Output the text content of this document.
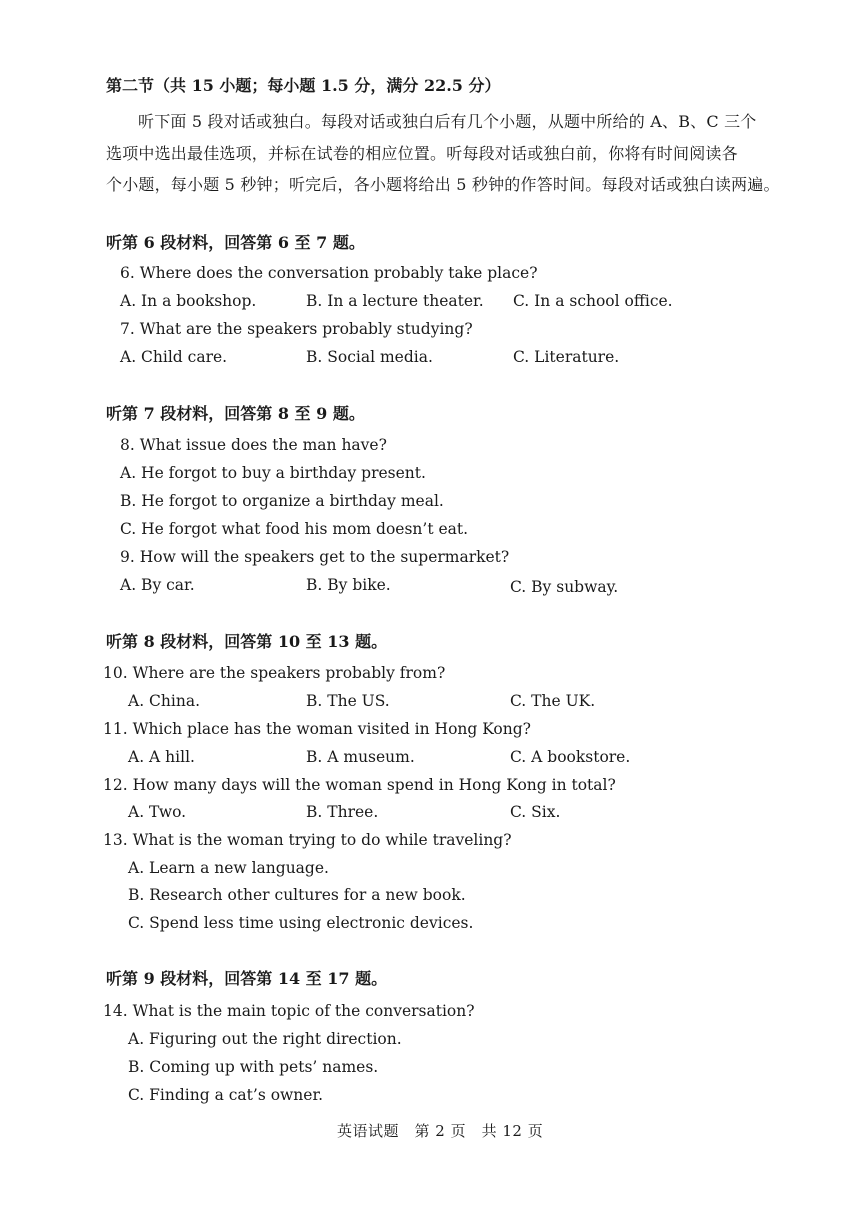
第二节（共 15 小题；每小题 1.5 分，满分 22.5 分）
听下面 5 段对话或独白。每段对话或独白后有几个小题，从题中所给的 A、B、C 三个
选项中选出最佳选项，并标在试卷的相应位置。听每段对话或独白前，你将有时间阅读各
个小题，每小题 5 秒钟；听完后，各小题将给出 5 秒钟的作答时间。每段对话或独白读两遍。
听第 6 段材料，回答第 6 至 7 题。
6. Where does the conversation probably take place?
A. In a bookshop.	B. In a lecture theater. C. In a school office.
7. What are the speakers probably studying?
A. Child care.	B. Social media.	C. Literature.
听第 7 段材料，回答第 8 至 9 题。
8. What issue does the man have?
A. He forgot to buy a birthday present.
B. He forgot to organize a birthday meal.
C. He forgot what food his mom doesn’t eat.
9. How will the speakers get to the supermarket?
A. By car.	B. By bike.	C. By subway.
听第 8 段材料，回答第 10 至 13 题。
10. Where are the speakers probably from?
A. China.	B. The US.	C. The UK.
11. Which place has the woman visited in Hong Kong?
A. A hill.	B. A museum.	C. A bookstore.
12. How many days will the woman spend in Hong Kong in total?
A. Two.	B. Three.	C. Six.
13. What is the woman trying to do while traveling?
A. Learn a new language.
B. Research other cultures for a new book.
C. Spend less time using electronic devices.
听第 9 段材料，回答第 14 至 17 题。
14. What is the main topic of the conversation?
A. Figuring out the right direction.
B. Coming up with pets’ names.
C. Finding a cat’s owner.
英语试题　第 2 页　共 12 页
